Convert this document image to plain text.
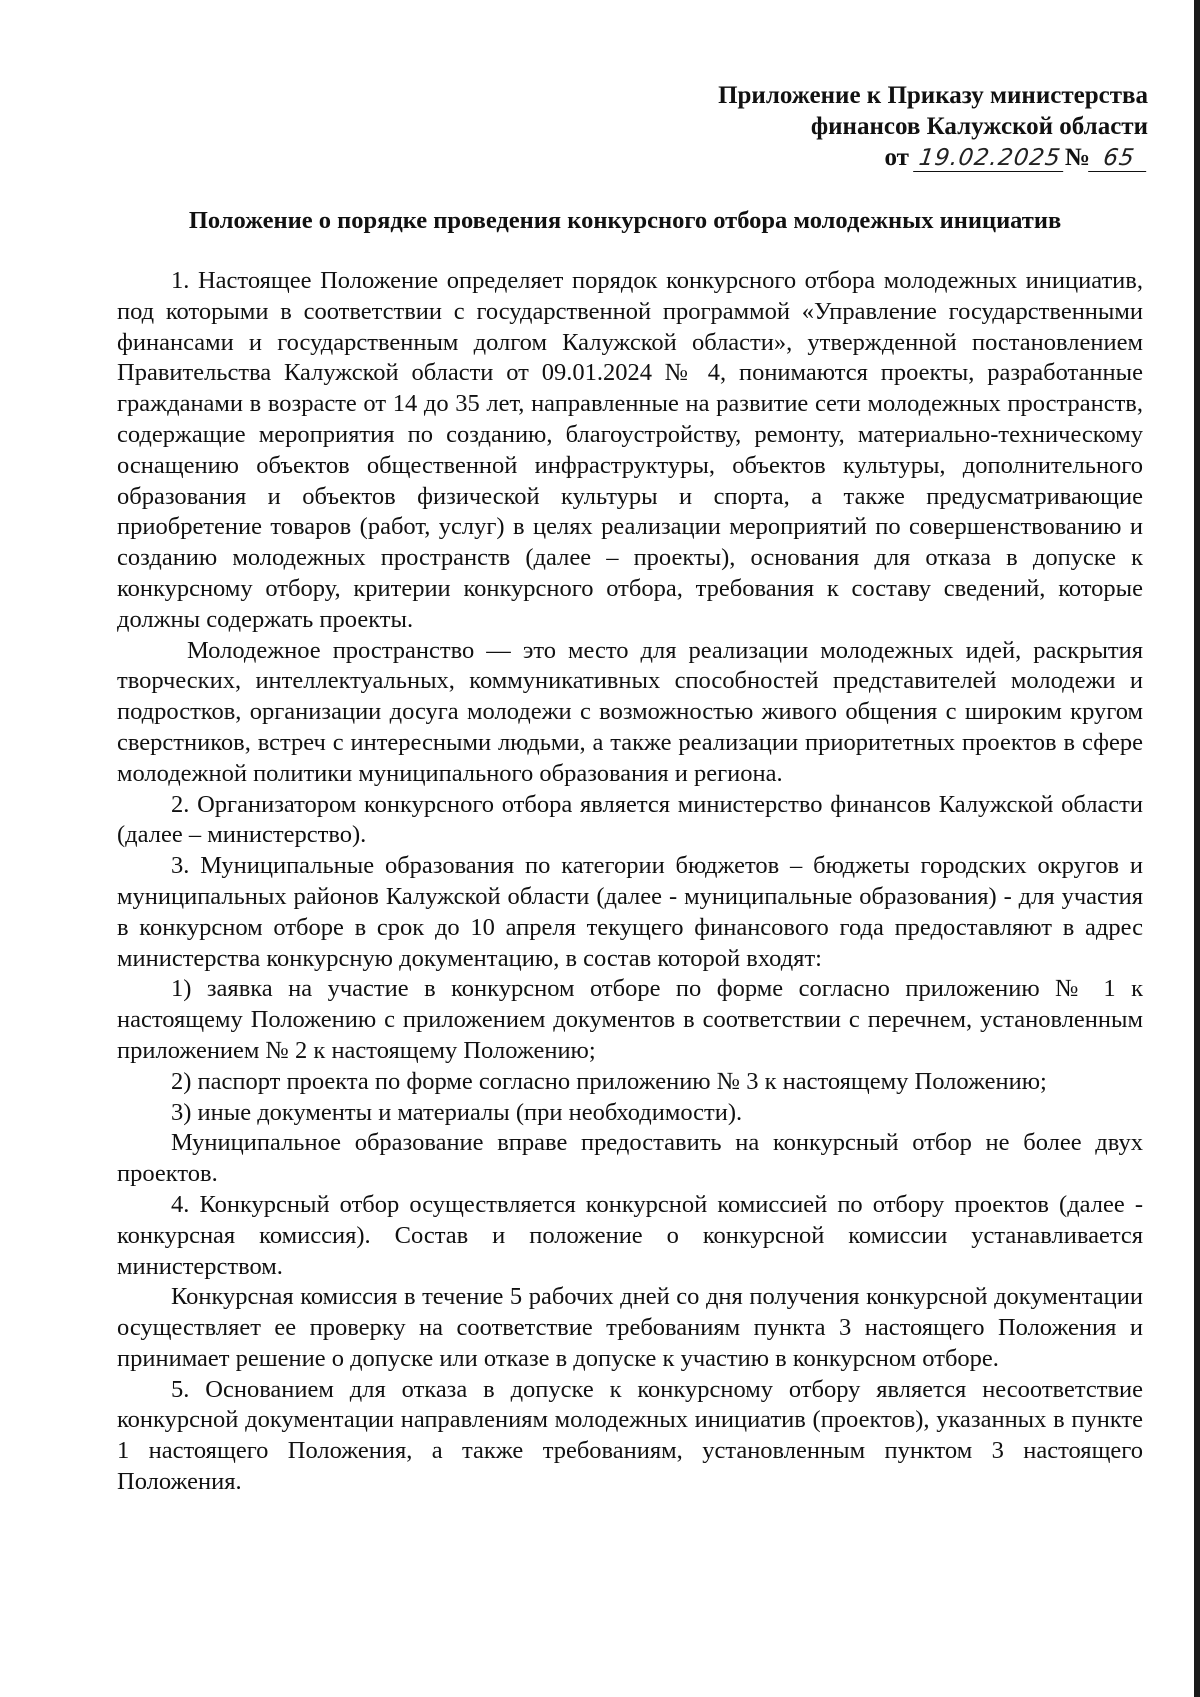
Приложение к Приказу министерства
финансов Калужской области
от 19.02.2025№ 65
Положение о порядке проведения конкурсного отбора молодежных инициатив

1. Настоящее Положение определяет порядок конкурсного отбора молодежных инициатив, под которыми в соответствии с государственной программой «Управление государственными финансами и государственным долгом Калужской области», утвержденной постановлением Правительства Калужской области от 09.01.2024 № 4, понимаются проекты, разработанные гражданами в возрасте от 14 до 35 лет, направленные на развитие сети молодежных пространств, содержащие мероприятия по созданию, благоустройству, ремонту, материально-техническому оснащению объектов общественной инфраструктуры, объектов культуры, дополнительного образования и объектов физической культуры и спорта, а также предусматривающие приобретение товаров (работ, услуг) в целях реализации мероприятий по совершенствованию и созданию молодежных пространств (далее – проекты), основания для отказа в допуске к конкурсному отбору, критерии конкурсного отбора, требования к составу сведений, которые должны содержать проекты.

Молодежное пространство — это место для реализации молодежных идей, раскрытия творческих, интеллектуальных, коммуникативных способностей представителей молодежи и подростков, организации досуга молодежи с возможностью живого общения с широким кругом сверстников, встреч с интересными людьми, а также реализации приоритетных проектов в сфере молодежной политики муниципального образования и региона.

2. Организатором конкурсного отбора является министерство финансов Калужской области (далее – министерство).

3. Муниципальные образования по категории бюджетов – бюджеты городских округов и муниципальных районов Калужской области (далее - муниципальные образования) - для участия в конкурсном отборе в срок до 10 апреля текущего финансового года предоставляют в адрес министерства конкурсную документацию, в состав которой входят:

1) заявка на участие в конкурсном отборе по форме согласно приложению № 1 к настоящему Положению с приложением документов в соответствии с перечнем, установленным приложением № 2 к настоящему Положению;

2) паспорт проекта по форме согласно приложению № 3 к настоящему Положению;

3) иные документы и материалы (при необходимости).

Муниципальное образование вправе предоставить на конкурсный отбор не более двух проектов.

4. Конкурсный отбор осуществляется конкурсной комиссией по отбору проектов (далее - конкурсная комиссия). Состав и положение о конкурсной комиссии устанавливается министерством.

Конкурсная комиссия в течение 5 рабочих дней со дня получения конкурсной документации осуществляет ее проверку на соответствие требованиям пункта 3 настоящего Положения и принимает решение о допуске или отказе в допуске к участию в конкурсном отборе.

5. Основанием для отказа в допуске к конкурсному отбору является несоответствие конкурсной документации направлениям молодежных инициатив (проектов), указанных в пункте 1 настоящего Положения, а также требованиям, установленным пунктом 3 настоящего Положения.
